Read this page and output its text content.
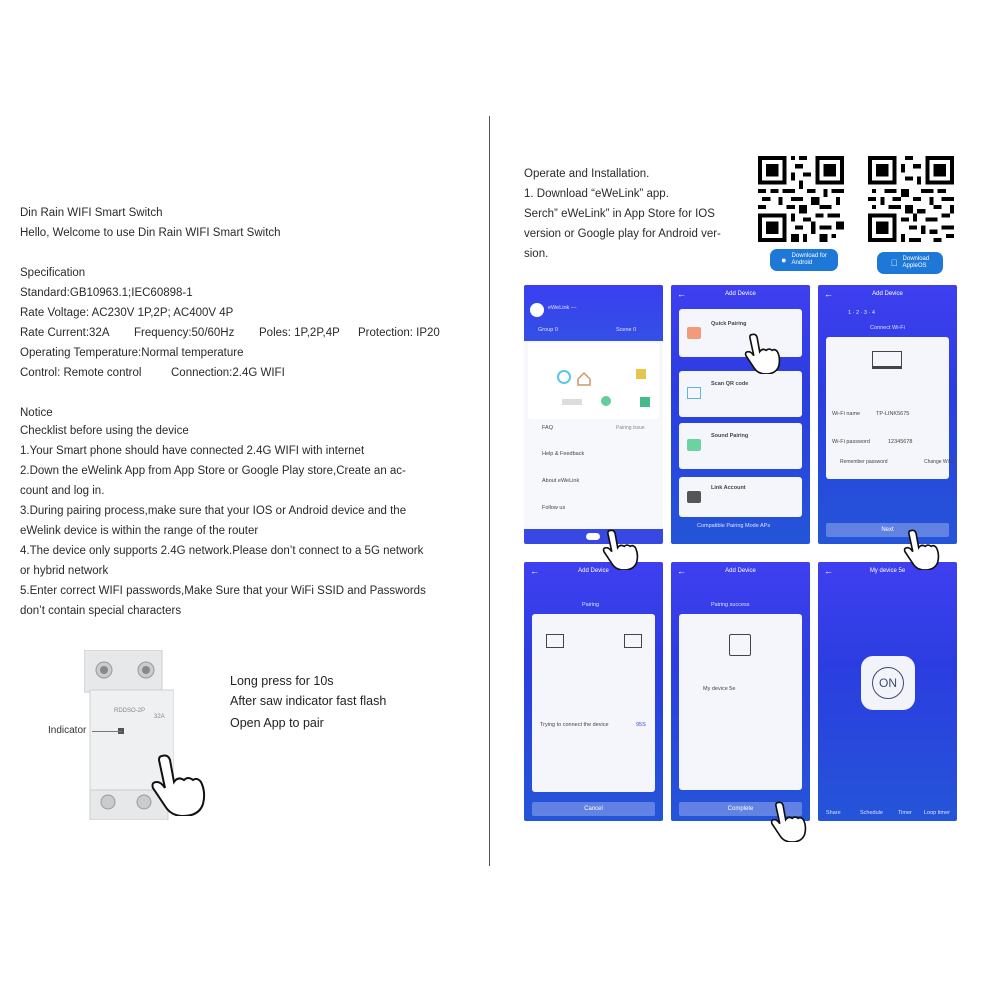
Din Rain WIFI Smart Switch
Hello, Welcome to use Din Rain WIFI Smart Switch
Specification
Standard:GB10963.1;IEC60898-1
Rate Voltage: AC230V 1P,2P; AC400V 4P
Rate Current:32A Frequency:50/60Hz Poles: 1P,2P,4P Protection: IP20
Operating Temperature:Normal temperature
Control: Remote control	Connection:2.4G WIFI
Notice
Checklist before using the device
1.Your Smart phone should have connected 2.4G WIFI with internet
2.Down the eWelink App from App Store or Google Play store,Create an ac-
count and log in.
3.During pairing process,make sure that your IOS or Android device and the
eWelink device is within the range of the router
4.The device only supports 2.4G network.Please don’t connect to a 5G network
or hybrid network
5.Enter correct WIFI passwords,Make Sure that your WiFi SSID and Passwords
don’t contain special characters
RDDSO-2P
32A
Indicator
Long press for 10s
After saw indicator fast flash
Open App to pair
Operate and Installation.
1. Download “eWeLink” app.
Serch” eWeLink” in App Store for IOS
version or Google play for Android ver-
sion.	● Download for
Android
Download
AppleOS
eWeLink —
Group 0	Scene 0
FAQ	Pairing issue
Help & Feedback
About eWeLink
Follow us
←	Add Device
Quick Pairing
Scan QR code
Sound Pairing
Link Account
Compatible Pairing Mode APs
←	Add Device
1 · 2 · 3 · 4
Connect Wi-Fi
Wi-Fi name	TP-LINK5675
Wi-Fi password	12345678
Remember password	Change WiFi
Next
←	Add Device
Pairing
Trying to connect the device	95S
Cancel
←	Add Device
Pairing success
My device 5e
Complete
←	My device 5e
ON
Share	Schedule	Timer Loop timer
